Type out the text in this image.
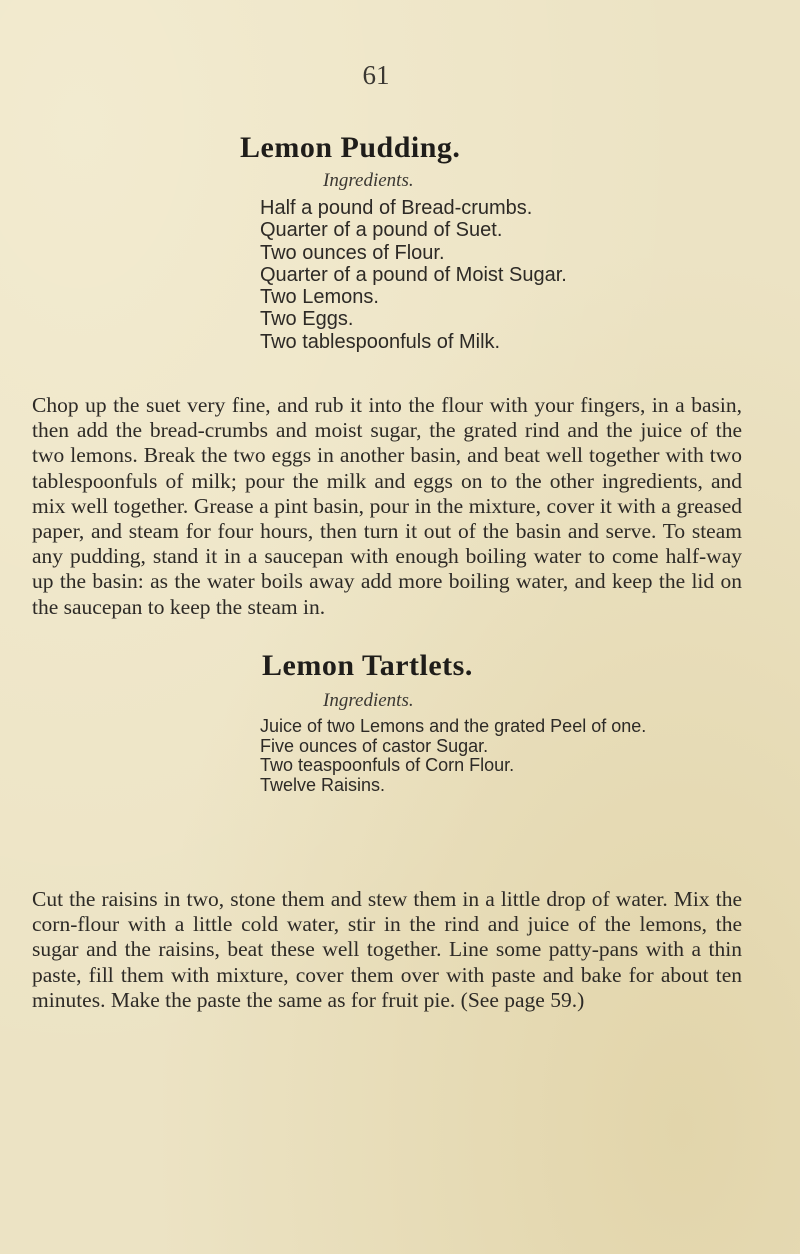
61
Lemon Pudding.
Ingredients.
Half a pound of Bread-crumbs.
Quarter of a pound of Suet.
Two ounces of Flour.
Quarter of a pound of Moist Sugar.
Two Lemons.
Two Eggs.
Two tablespoonfuls of Milk.

Chop up the suet very fine, and rub it into the flour with your fingers, in a basin, then add the bread-crumbs and moist sugar, the grated rind and the juice of the two lemons. Break the two eggs in another basin, and beat well together with two tablespoonfuls of milk; pour the milk and eggs on to the other ingredients, and mix well together. Grease a pint basin, pour in the mixture, cover it with a greased paper, and steam for four hours, then turn it out of the basin and serve. To steam any pudding, stand it in a saucepan with enough boiling water to come half-way up the basin: as the water boils away add more boiling water, and keep the lid on the saucepan to keep the steam in.

Lemon Tartlets.
Ingredients.
Juice of two Lemons and the grated Peel of one.
Five ounces of castor Sugar.
Two teaspoonfuls of Corn Flour.
Twelve Raisins.

Cut the raisins in two, stone them and stew them in a little drop of water. Mix the corn-flour with a little cold water, stir in the rind and juice of the lemons, the sugar and the raisins, beat these well together. Line some patty-pans with a thin paste, fill them with mixture, cover them over with paste and bake for about ten minutes. Make the paste the same as for fruit pie. (See page 59.)
